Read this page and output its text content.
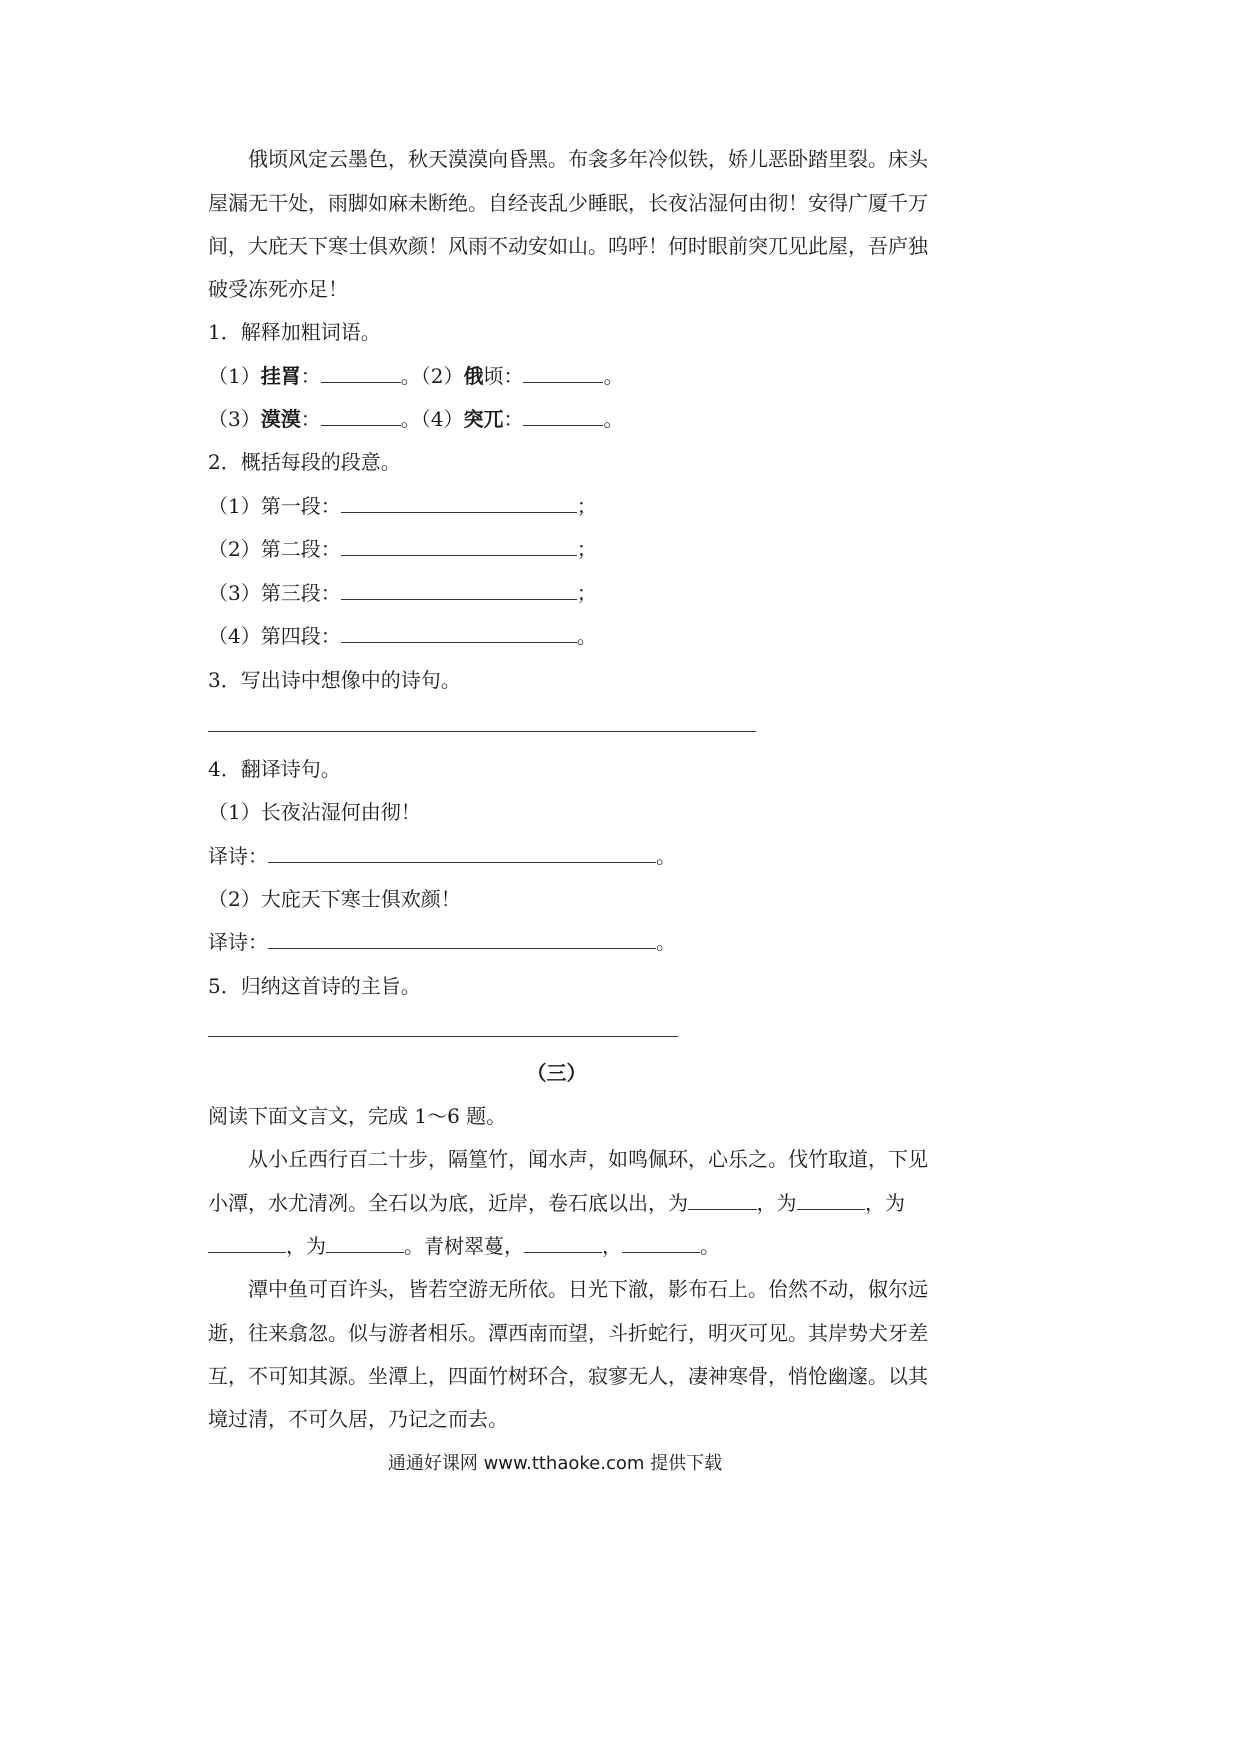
俄顷风定云墨色，秋天漠漠向昏黑。布衾多年冷似铁，娇儿恶卧踏里裂。床头
屋漏无干处，雨脚如麻未断绝。自经丧乱少睡眠，长夜沾湿何由彻！安得广厦千万
间，大庇天下寒士俱欢颜！风雨不动安如山。呜呼！何时眼前突兀见此屋，吾庐独
破受冻死亦足！
1．解释加粗词语。
（1）挂罥：	。（2）俄顷：	。
（3）漠漠：	。（4）突兀：	。
2．概括每段的段意。
（1）第一段：	；
（2）第二段：	；
（3）第三段：	；
（4）第四段：	。
3．写出诗中想像中的诗句。
4．翻译诗句。
（1）长夜沾湿何由彻！
译诗：	。
（2）大庇天下寒士俱欢颜！
译诗：	。
5．归纳这首诗的主旨。
（三）
阅读下面文言文，完成 1～6 题。
从小丘西行百二十步，隔篁竹，闻水声，如鸣佩环，心乐之。伐竹取道，下见
小潭，水尤清冽。全石以为底，近岸，卷石底以出，为	，为	，为
，为	。青树翠蔓，	，	。
潭中鱼可百许头，皆若空游无所依。日光下澈，影布石上。佁然不动，俶尔远
逝，往来翕忽。似与游者相乐。潭西南而望，斗折蛇行，明灭可见。其岸势犬牙差
互，不可知其源。坐潭上，四面竹树环合，寂寥无人，凄神寒骨，悄怆幽邃。以其
境过清，不可久居，乃记之而去。
通通好课网 www.tthaoke.com 提供下载
